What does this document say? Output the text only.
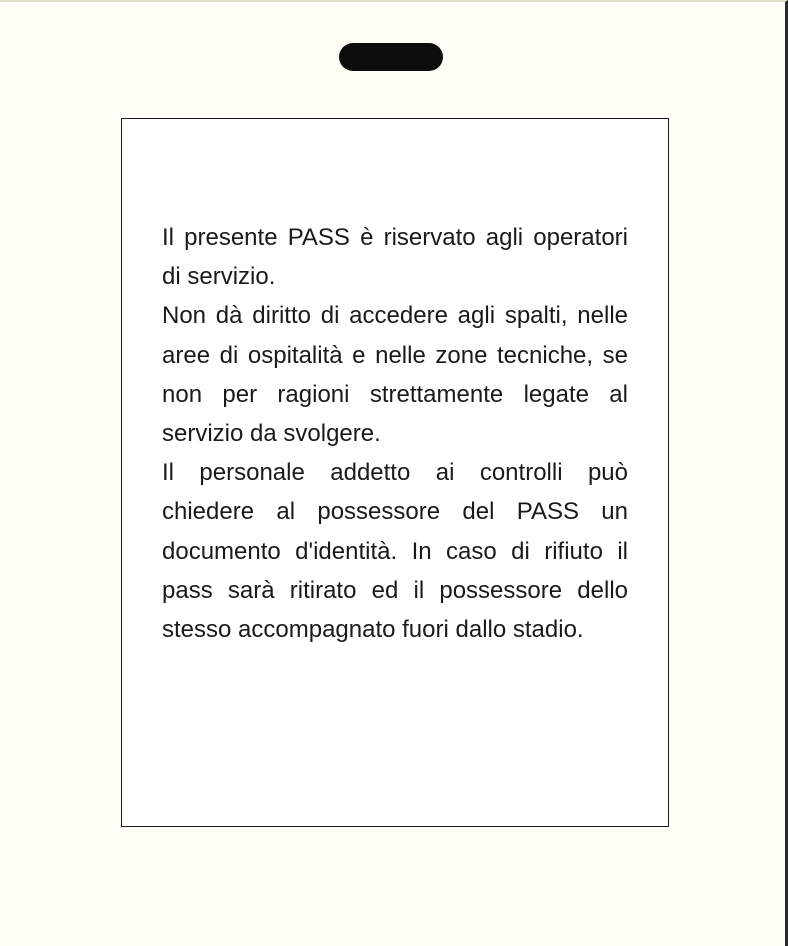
Il presente PASS è riservato agli operatori di servizio.

Non dà diritto di accedere agli spalti, nelle aree di ospitalità e nelle zone tecniche, se non per ragioni strettamente legate al servizio da svolgere.

Il personale addetto ai controlli può chiedere al possessore del PASS un documento d'identità. In caso di rifiuto il pass sarà ritirato ed il possessore dello stesso accompagnato fuori dallo stadio.
